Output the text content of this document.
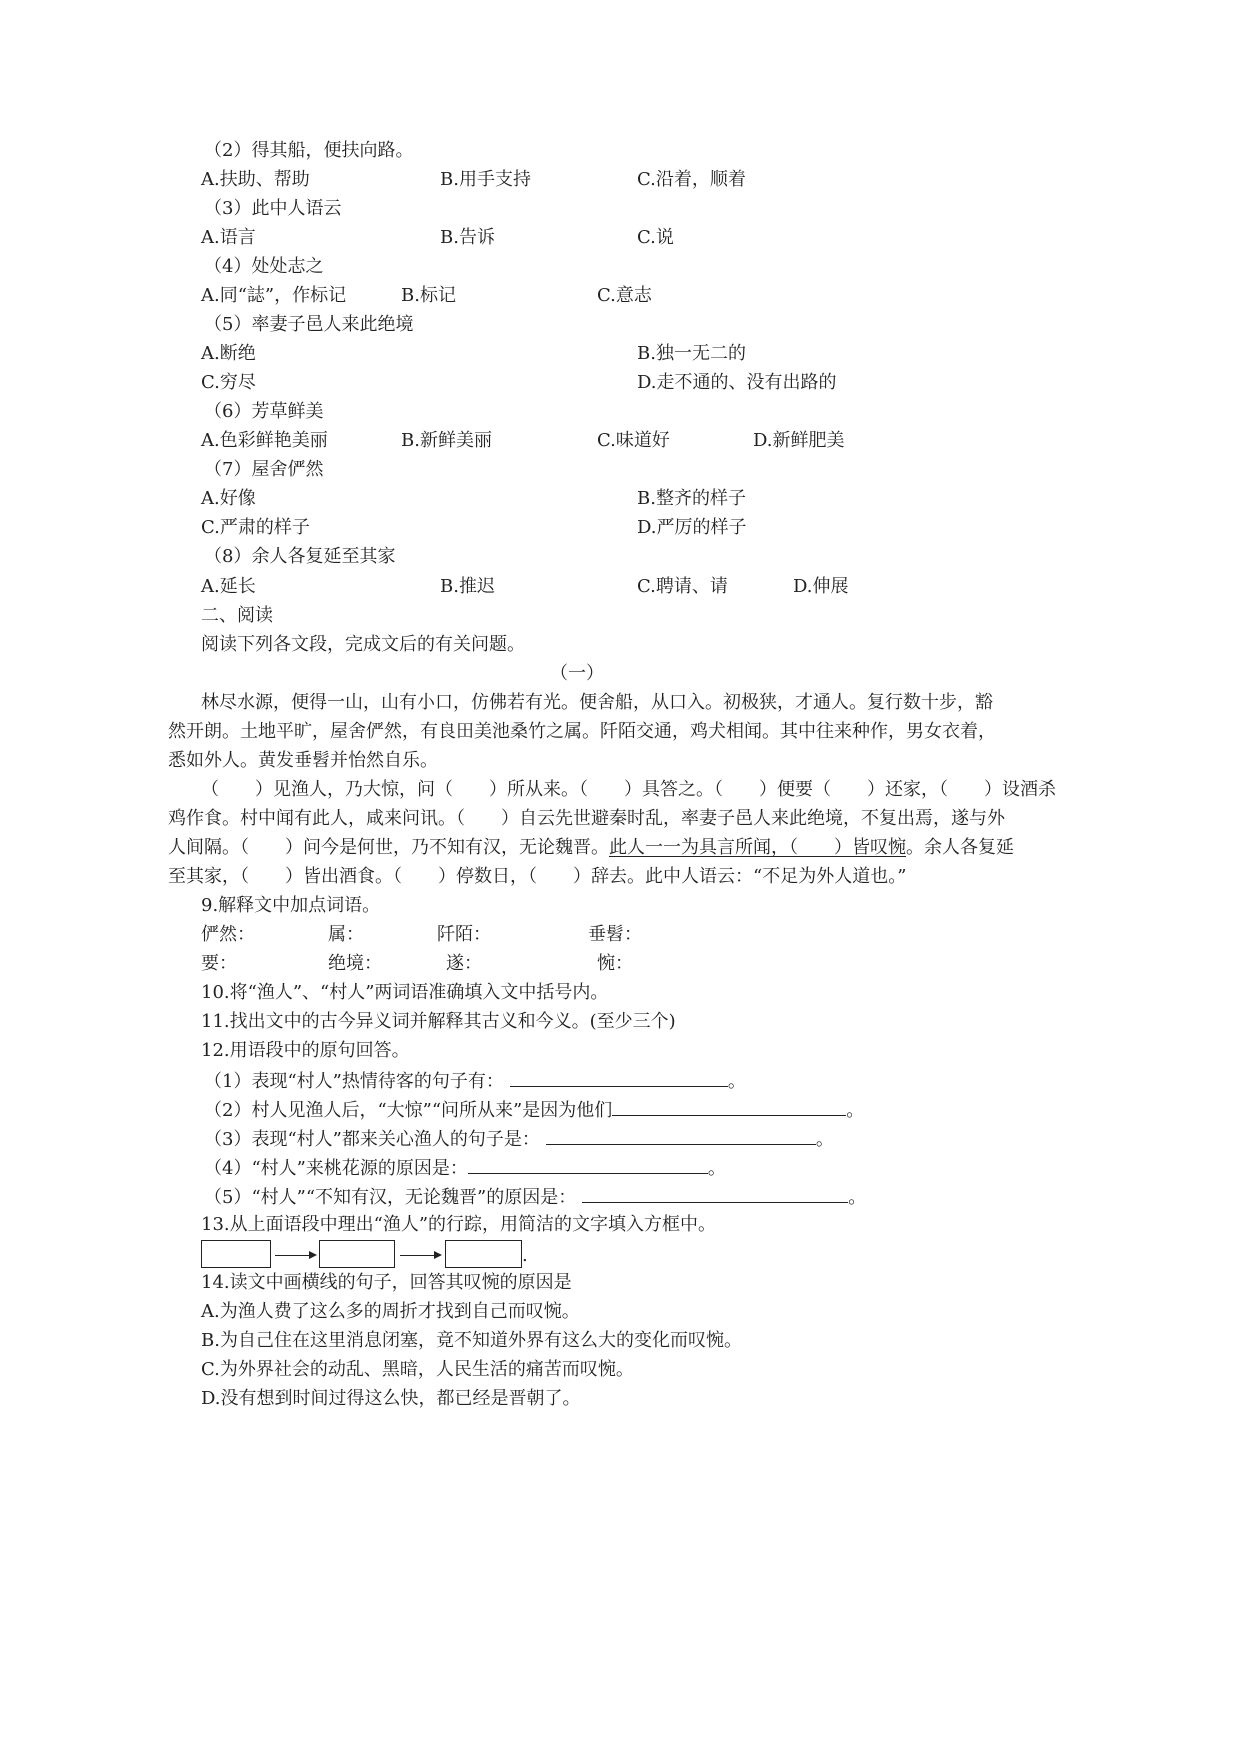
（2）得其船，便扶向路。
A.扶助、帮助	B.用手支持	C.沿着，顺着
（3）此中人语云
A.语言	B.告诉	C.说
（4）处处志之
A.同“誌”，作标记	B.标记	C.意志
（5）率妻子邑人来此绝境
A.断绝	B.独一无二的
C.穷尽	D.走不通的、没有出路的
（6）芳草鲜美
A.色彩鲜艳美丽	B.新鲜美丽	C.味道好	D.新鲜肥美
（7）屋舍俨然
A.好像	B.整齐的样子
C.严肃的样子	D.严厉的样子
（8）余人各复延至其家
A.延长	B.推迟	C.聘请、请	D.伸展
二、阅读
阅读下列各文段，完成文后的有关问题。
（一）
林尽水源，便得一山，山有小口，仿佛若有光。便舍船，从口入。初极狭，才通人。复行数十步，豁
然开朗。土地平旷，屋舍俨然，有良田美池桑竹之属。阡陌交通，鸡犬相闻。其中往来种作，男女衣着，
悉如外人。黄发垂髫并怡然自乐。
（　　）见渔人，乃大惊，问（　　）所从来。（　　）具答之。（　　）便要（　　）还家，（　　）设酒杀
鸡作食。村中闻有此人，咸来问讯。（　　）自云先世避秦时乱，率妻子邑人来此绝境，不复出焉，遂与外
人间隔。（　　）问今是何世，乃不知有汉，无论魏晋。此人一一为具言所闻，（　　）皆叹惋。余人各复延
至其家，（　　）皆出酒食。（　　）停数日，（　　）辞去。此中人语云：“不足为外人道也。”
9.解释文中加点词语。
俨然：	属：	阡陌：	垂髫：
要：	绝境：	遂：	惋：
10.将“渔人”、“村人”两词语准确填入文中括号内。
11.找出文中的古今异义词并解释其古义和今义。(至少三个)
12.用语段中的原句回答。
（1）表现“村人”热情待客的句子有：	。
（2）村人见渔人后，“大惊”“问所从来”是因为他们	。
（3）表现“村人”都来关心渔人的句子是：	。
（4）“村人”来桃花源的原因是：	。
（5）“村人”“不知有汉，无论魏晋”的原因是：	。
13.从上面语段中理出“渔人”的行踪，用简洁的文字填入方框中。
.
14.读文中画横线的句子，回答其叹惋的原因是
A.为渔人费了这么多的周折才找到自己而叹惋。
B.为自己住在这里消息闭塞，竟不知道外界有这么大的变化而叹惋。
C.为外界社会的动乱、黑暗，人民生活的痛苦而叹惋。
D.没有想到时间过得这么快，都已经是晋朝了。
